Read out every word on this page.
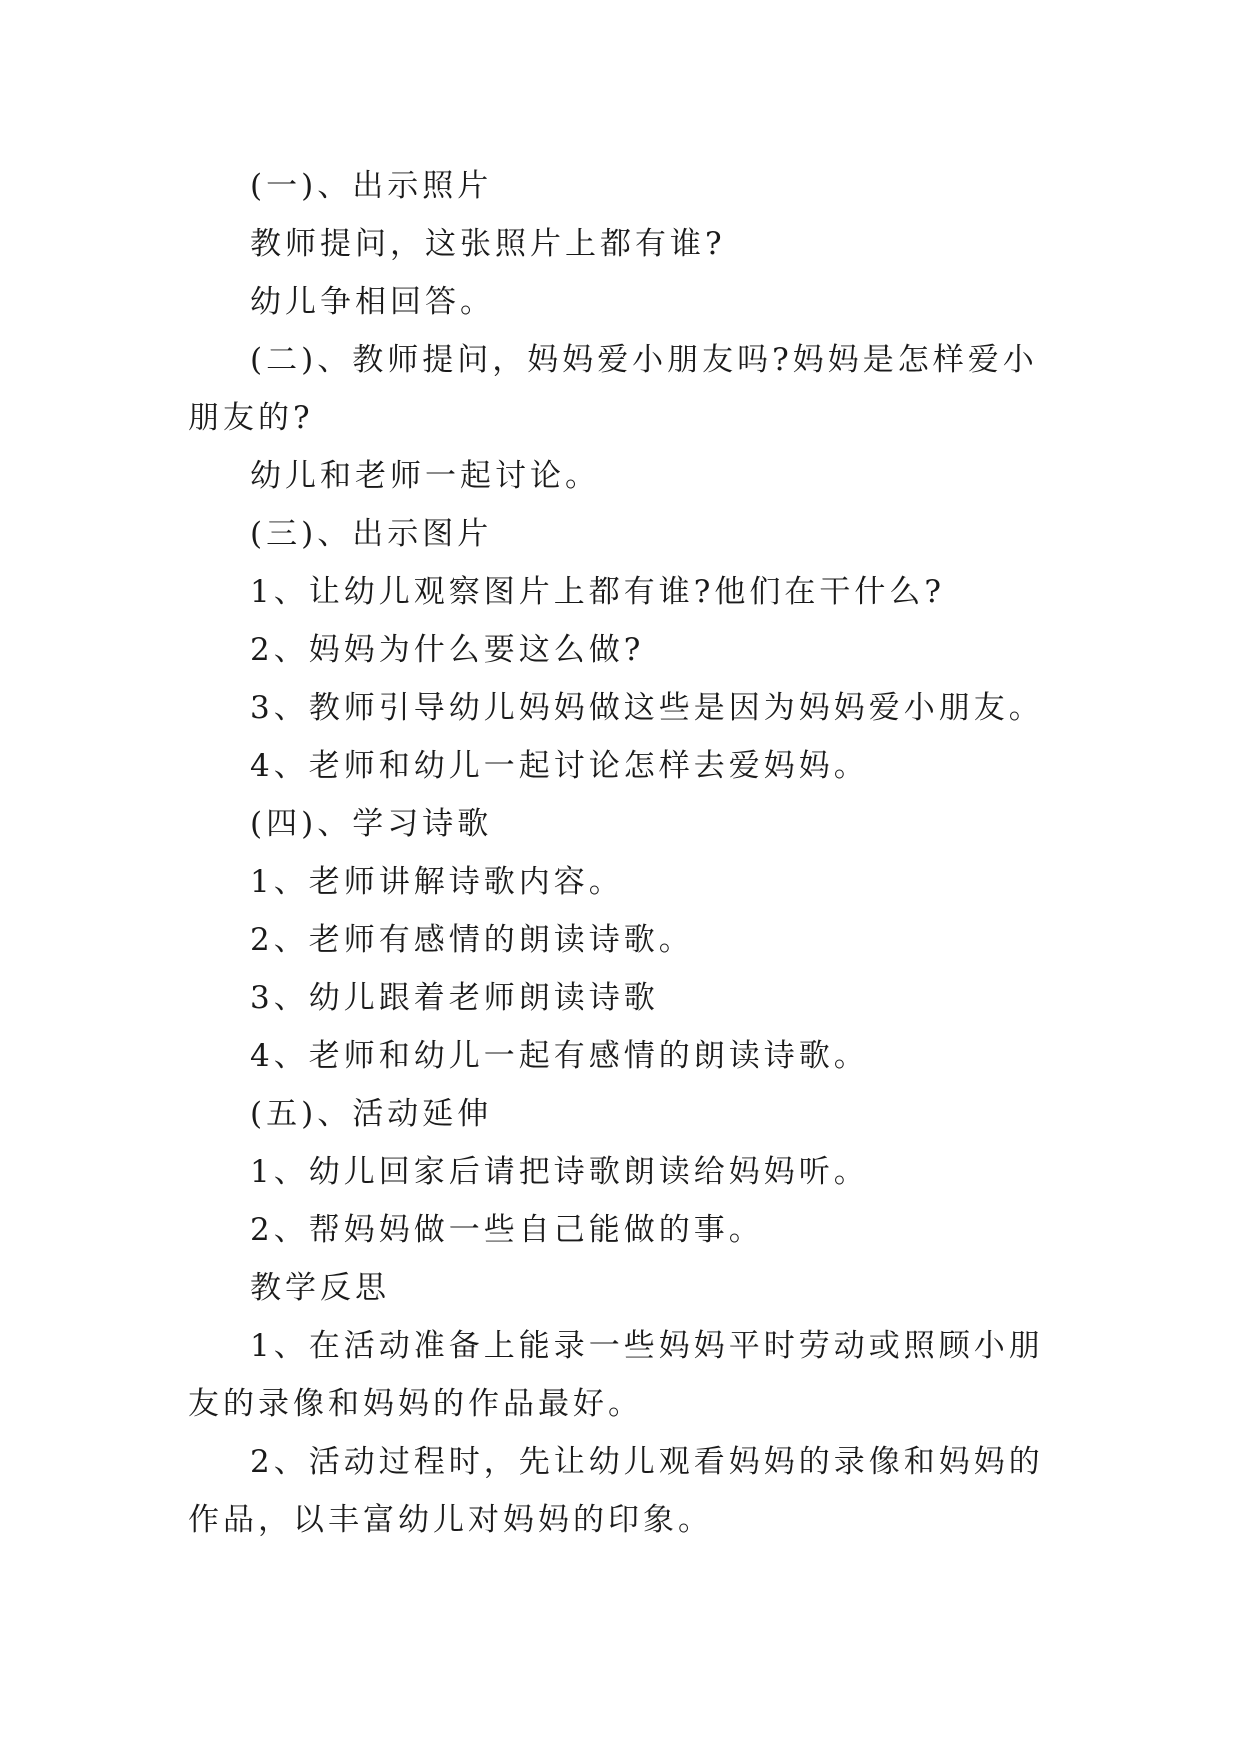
(一)、出示照片

教师提问，这张照片上都有谁?

幼儿争相回答。

(二)、教师提问，妈妈爱小朋友吗?妈妈是怎样爱小朋友的?

幼儿和老师一起讨论。

(三)、出示图片

1、让幼儿观察图片上都有谁?他们在干什么?

2、妈妈为什么要这么做?

3、教师引导幼儿妈妈做这些是因为妈妈爱小朋友。

4、老师和幼儿一起讨论怎样去爱妈妈。

(四)、学习诗歌

1、老师讲解诗歌内容。

2、老师有感情的朗读诗歌。

3、幼儿跟着老师朗读诗歌

4、老师和幼儿一起有感情的朗读诗歌。

(五)、活动延伸

1、幼儿回家后请把诗歌朗读给妈妈听。

2、帮妈妈做一些自己能做的事。

教学反思

1、在活动准备上能录一些妈妈平时劳动或照顾小朋友的录像和妈妈的作品最好。

2、活动过程时，先让幼儿观看妈妈的录像和妈妈的作品，以丰富幼儿对妈妈的印象。
